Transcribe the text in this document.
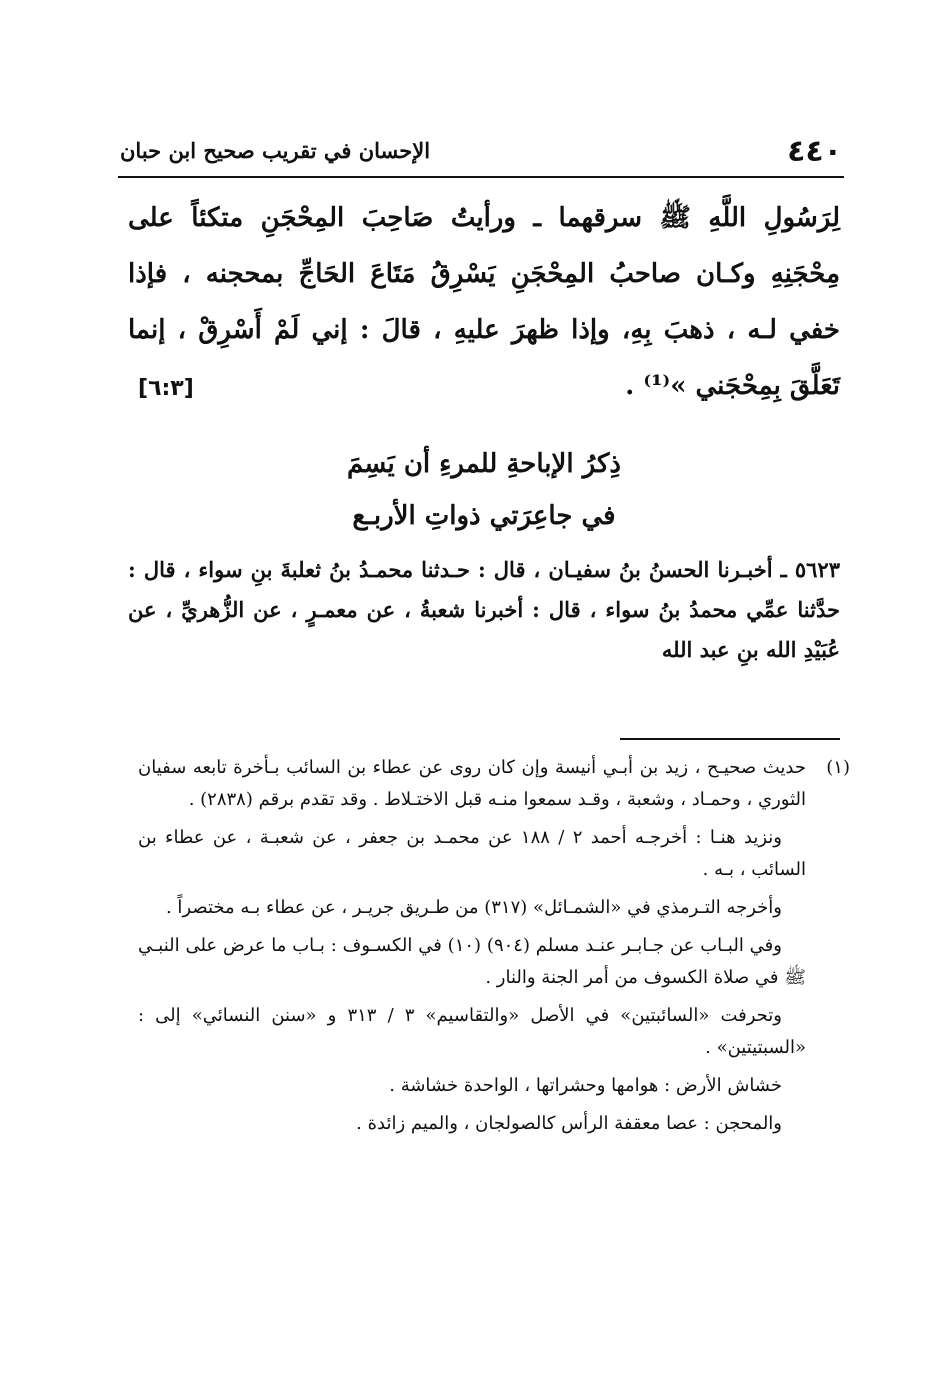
٤٤٠
الإحسان في تقريب صحيح ابن حبان

لِرَسُولِ اللَّهِ ﷺ سرقهما ـ ورأيتُ صَاحِبَ المِحْجَنِ متكئاً على مِحْجَنِهِ وكـان صاحبُ المِحْجَنِ يَسْرِقُ مَتَاعَ الحَاجِّ بمحجنه ، فإذا خفي لـه ، ذهبَ بِهِ، وإذا ظهرَ عليهِ ، قالَ : إني لَمْ أَسْرِقْ ، إنما تَعَلَّقَ بِمِحْجَني »⁽¹⁾ .

[٦:٣]
ذِكرُ الإباحةِ للمرءِ أن يَسِمَ
في جاعِرَتي ذواتِ الأربـع

٥٦٢٣ ـ أخبـرنا الحسنُ بنُ سفيـان ، قال : حـدثنا محمـدُ بنُ ثعلبةَ بنِ سواء ، قال : حدَّثنا عمِّي محمدُ بنُ سواء ، قال : أخبرنا شعبةُ ، عن معمـرٍ ، عن الزُّهريِّ ، عن عُبَيْدِ الله بنِ عبد الله

(١)
حديث صحيـح ، زيد بن أبـي أنيسة وإن كان روى عن عطاء بن السائب بـأخرة تابعه سفيان الثوري ، وحمـاد ، وشعبة ، وقـد سمعوا منـه قبل الاختـلاط . وقد تقدم برقم (٢٨٣٨) .

ونزيد هنـا : أخرجـه أحمد ٢ / ١٨٨ عن محمـد بن جعفر ، عن شعبـة ، عن عطاء بن السائب ، بـه .

وأخرجه التـرمذي في «الشمـائل» (٣١٧) من طـريق جريـر ، عن عطاء بـه مختصراً .

وفي البـاب عن جـابـر عنـد مسلم (٩٠٤) (١٠) في الكسـوف : بـاب ما عرض على النبـي ﷺ في صلاة الكسوف من أمر الجنة والنار .

وتحرفت «السائبتين» في الأصل «والتقاسيم» ٣ / ٣١٣ و «سنن النسائي» إلى : «السبتيتين» .

خشاش الأرض : هوامها وحشراتها ، الواحدة خشاشة .

والمحجن : عصا معقفة الرأس كالصولجان ، والميم زائدة .
